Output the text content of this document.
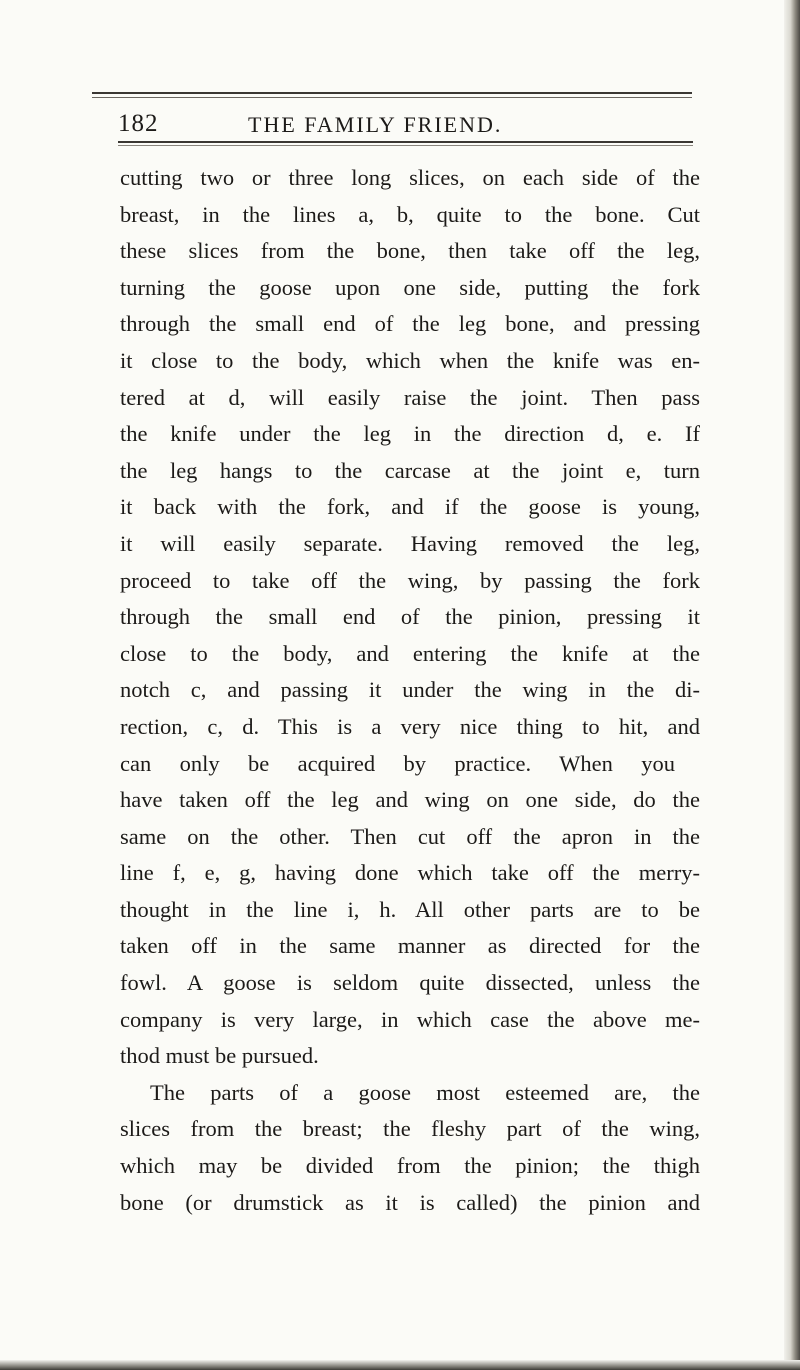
182	THE FAMILY FRIEND.
cutting two or three long slices, on each side of the
breast, in the lines a, b, quite to the bone. Cut
these slices from the bone, then take off the leg,
turning the goose upon one side, putting the fork
through the small end of the leg bone, and pressing
it close to the body, which when the knife was en-
tered at d, will easily raise the joint. Then pass
the knife under the leg in the direction d, e. If
the leg hangs to the carcase at the joint e, turn
it back with the fork, and if the goose is young,
it will easily separate. Having removed the leg,
proceed to take off the wing, by passing the fork
through the small end of the pinion, pressing it
close to the body, and entering the knife at the
notch c, and passing it under the wing in the di-
rection, c, d. This is a very nice thing to hit, and
can only be acquired by practice. When you
have taken off the leg and wing on one side, do the
same on the other. Then cut off the apron in the
line f, e, g, having done which take off the merry-
thought in the line i, h. All other parts are to be
taken off in the same manner as directed for the
fowl. A goose is seldom quite dissected, unless the
company is very large, in which case the above me-
thod must be pursued.
The parts of a goose most esteemed are, the
slices from the breast; the fleshy part of the wing,
which may be divided from the pinion; the thigh
bone (or drumstick as it is called) the pinion and
